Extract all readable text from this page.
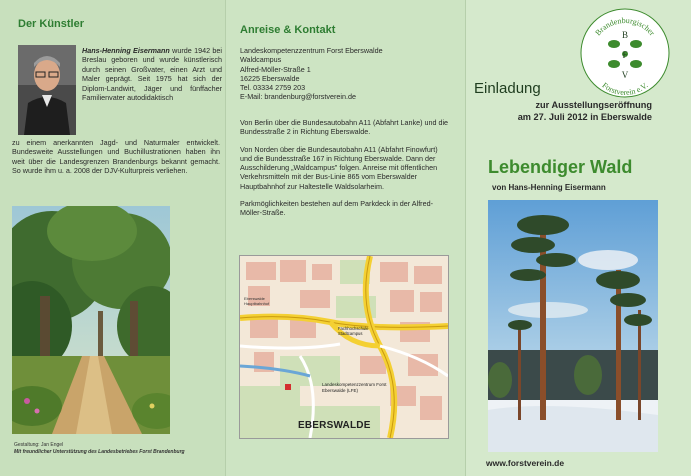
Der Künstler
Hans-Henning Eisermann wurde 1942 bei Breslau geboren und wurde künstlerisch durch seinen Großvater, einen Arzt und Maler geprägt. Seit 1975 hat sich der Diplom-Landwirt, Jäger und fünffacher Familienvater autodidaktisch
zu einem anerkannten Jagd- und Naturmaler entwickelt. Bundesweite Ausstellungen und Buchillustrationen haben ihn weit über die Landesgrenzen Brandenburgs bekannt gemacht. So wurde ihm u. a. 2008 der DJV-Kulturpreis verliehen.
Gestaltung: Jan Engel
Mit freundlicher Unterstützung des Landesbetriebes Forst Brandenburg
Anreise & Kontakt
Landeskompetenzzentrum Forst Eberswalde
Waldcampus
Alfred-Möller-Straße 1
16225 Eberswalde
Tel. 03334 2759 203
E-Mail: brandenburg@forstverein.de

Von Berlin über die Bundesautobahn A11 (Abfahrt Lanke) und die Bundesstraße 2 in Richtung Eberswalde.

Von Norden über die Bundesautobahn A11 (Abfahrt Finowfurt) und die Bundesstraße 167 in Richtung Eberswalde. Dann der Ausschilderung „Waldcampus" folgen. Anreise mit öffentlichen Verkehrsmitteln mit der Bus-Linie 865 vom Eberswalder Hauptbahnhof zur Haltestelle Waldsolarheim.

Parkmöglichkeiten bestehen auf dem Parkdeck in der Alfred-Möller-Straße.

Eberswalde
Hauptbahnhof
Fachhochschule Stadtcampus
Landeskompetenzzentrum Forst Eberswalde (LFE)
EBERSWALDE
Brandenburgischer
Forstverein e.V.
B
F
V
Einladung
zur Ausstellungseröffnung
am 27. Juli 2012 in Eberswalde
Lebendiger Wald
von Hans-Henning Eisermann
www.forstverein.de
